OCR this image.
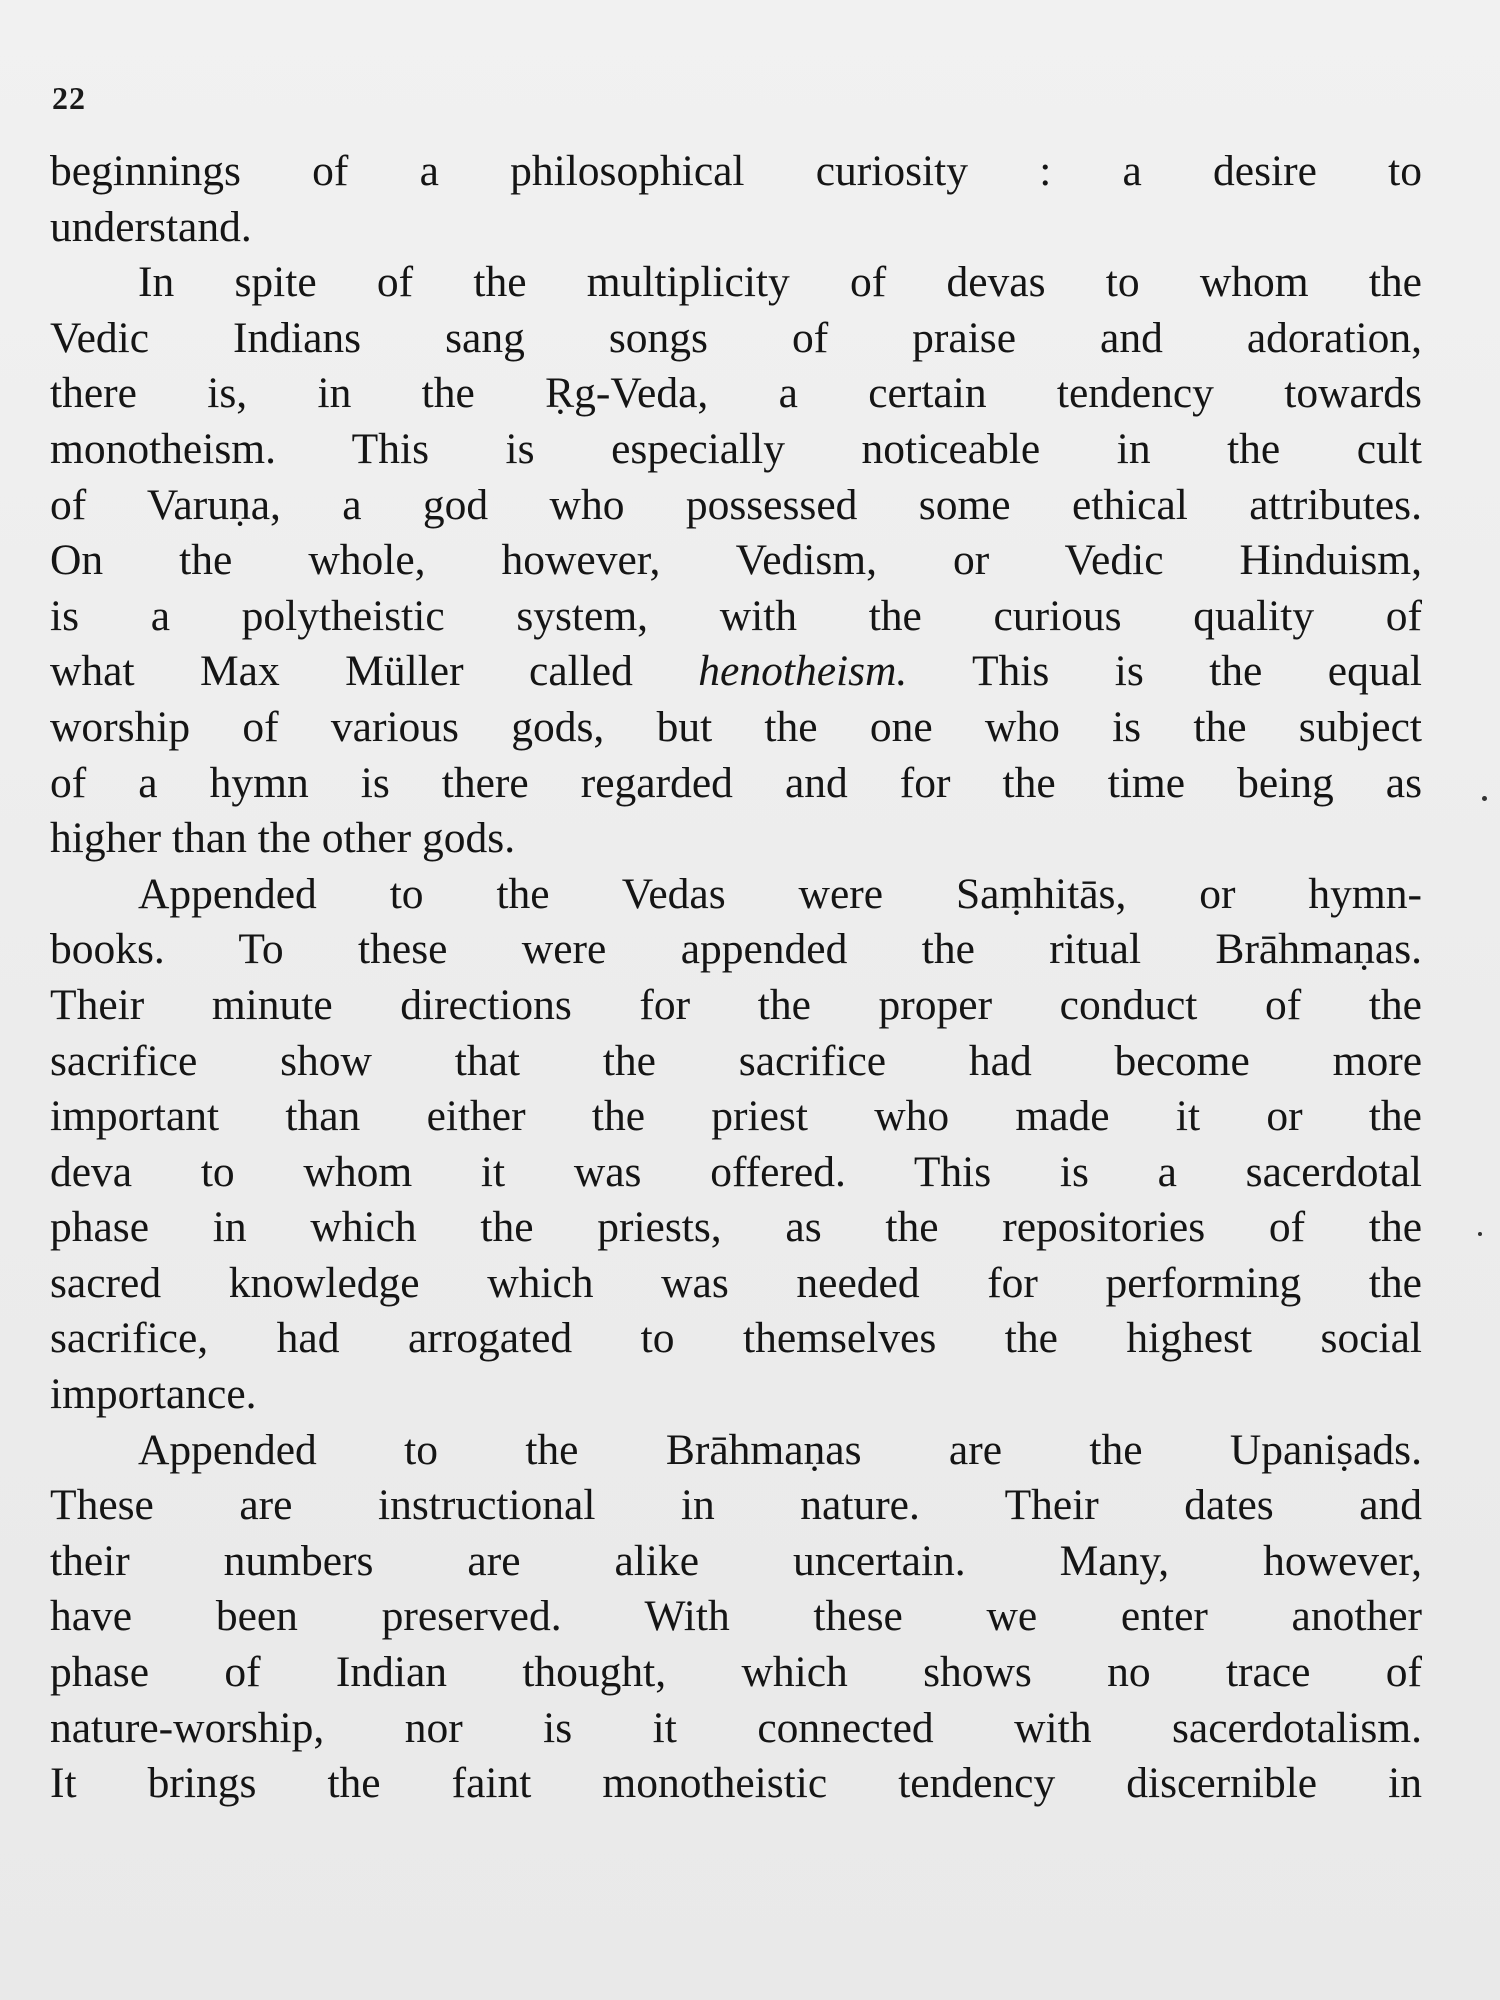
22
beginnings of a philosophical curiosity : a desire to
understand.
In spite of the multiplicity of devas to whom the
Vedic Indians sang songs of praise and adoration,
there is, in the Ṛg-Veda, a certain tendency towards
monotheism. This is especially noticeable in the cult
of Varuṇa, a god who possessed some ethical attributes.
On the whole, however, Vedism, or Vedic Hinduism,
is a polytheistic system, with the curious quality of
what Max Müller called henotheism. This is the equal
worship of various gods, but the one who is the subject
of a hymn is there regarded and for the time being as
higher than the other gods.
Appended to the Vedas were Saṃhitās, or hymn-
books. To these were appended the ritual Brāhmaṇas.
Their minute directions for the proper conduct of the
sacrifice show that the sacrifice had become more
important than either the priest who made it or the
deva to whom it was offered. This is a sacerdotal
phase in which the priests, as the repositories of the
sacred knowledge which was needed for performing the
sacrifice, had arrogated to themselves the highest social
importance.
Appended to the Brāhmaṇas are the Upaniṣads.
These are instructional in nature. Their dates and
their numbers are alike uncertain. Many, however,
have been preserved. With these we enter another
phase of Indian thought, which shows no trace of
nature-worship, nor is it connected with sacerdotalism.
It brings the faint monotheistic tendency discernible in
